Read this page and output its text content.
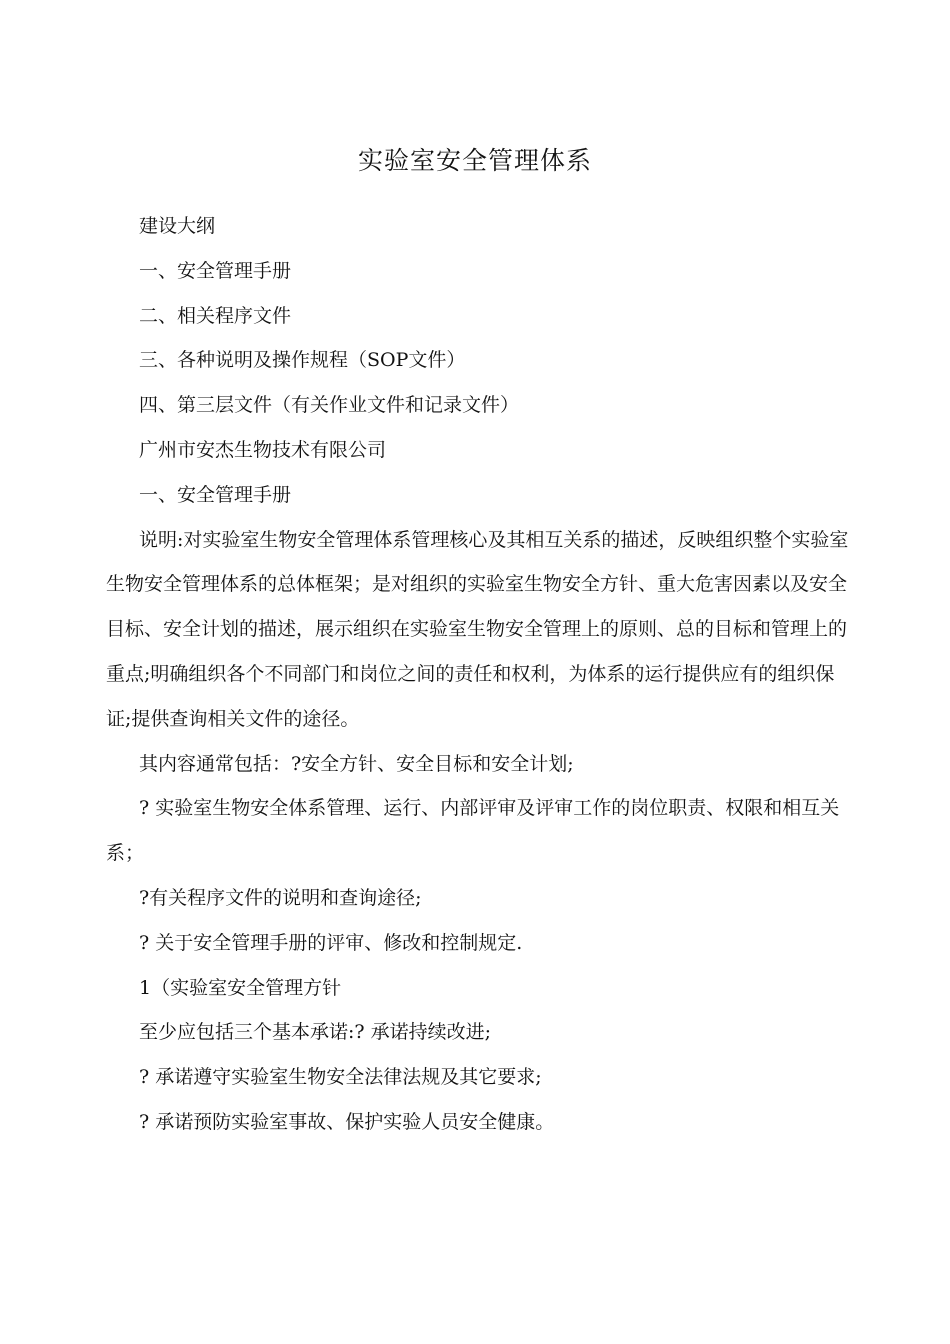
实验室安全管理体系

建设大纲

一、安全管理手册

二、相关程序文件

三、各种说明及操作规程（SOP文件）

四、第三层文件（有关作业文件和记录文件）

广州市安杰生物技术有限公司

一、安全管理手册

说明:对实验室生物安全管理体系管理核心及其相互关系的描述，反映组织整个实验室生物安全管理体系的总体框架；是对组织的实验室生物安全方针、重大危害因素以及安全目标、安全计划的描述，展示组织在实验室生物安全管理上的原则、总的目标和管理上的重点;明确组织各个不同部门和岗位之间的责任和权利，为体系的运行提供应有的组织保证;提供查询相关文件的途径。

其内容通常包括：?安全方针、安全目标和安全计划;

? 实验室生物安全体系管理、运行、内部评审及评审工作的岗位职责、权限和相互关系；

?有关程序文件的说明和查询途径;

? 关于安全管理手册的评审、修改和控制规定.

1（实验室安全管理方针

至少应包括三个基本承诺:? 承诺持续改进;

? 承诺遵守实验室生物安全法律法规及其它要求;

? 承诺预防实验室事故、保护实验人员安全健康。
